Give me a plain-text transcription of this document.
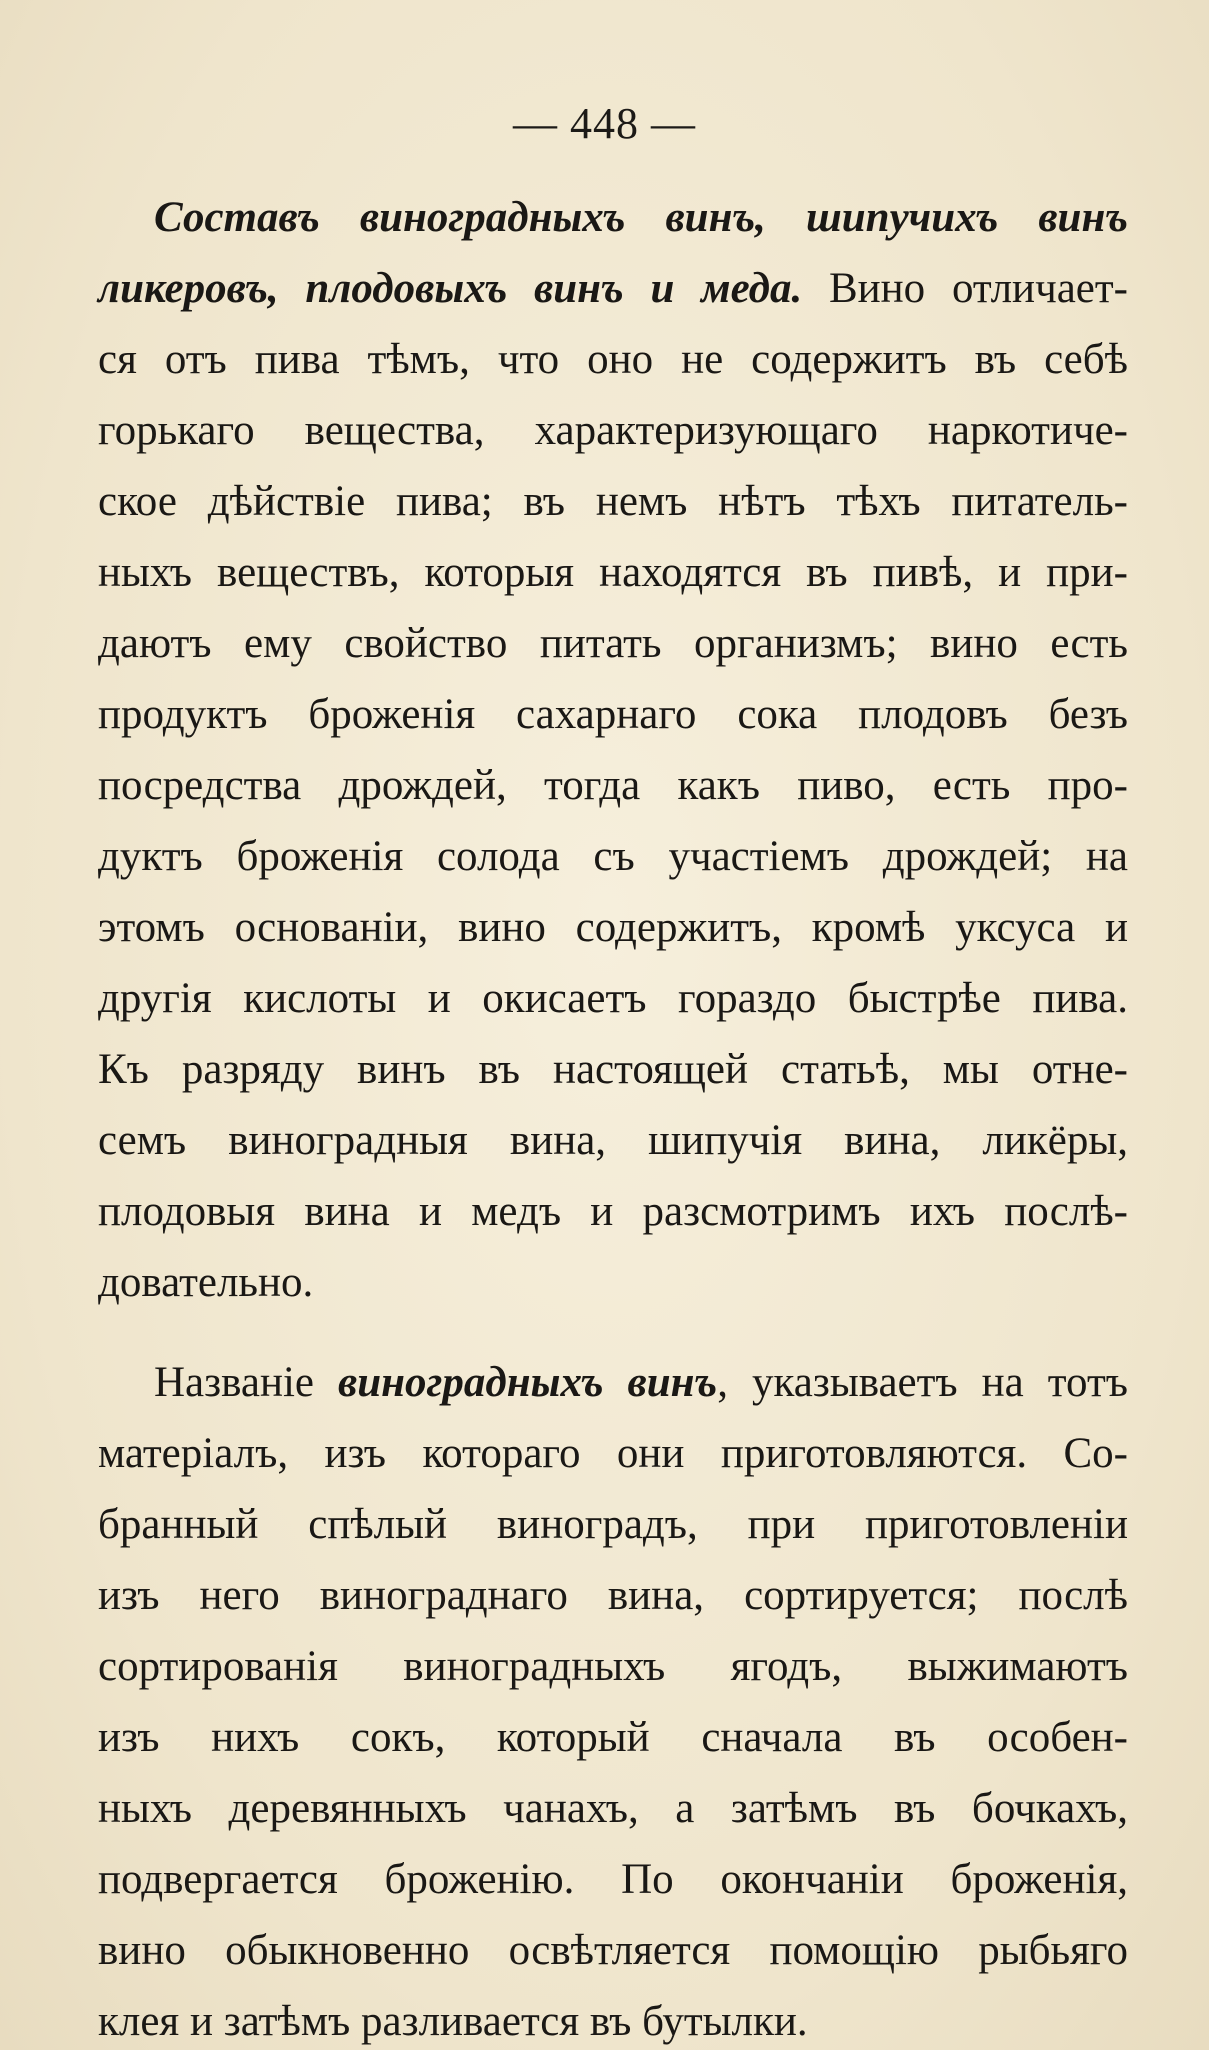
— 448 —
Составъ виноградныхъ винъ, шипучихъ винъ
ликеровъ, плодовыхъ винъ и меда. Вино отличает-
ся отъ пива тѣмъ, что оно не содержитъ въ себѣ
горькаго вещества, характеризующаго наркотиче-
ское дѣйствіе пива; въ немъ нѣтъ тѣхъ питатель-
ныхъ веществъ, которыя находятся въ пивѣ, и при-
даютъ ему свойство питать организмъ; вино есть
продуктъ броженія сахарнаго сока плодовъ безъ
посредства дрождей, тогда какъ пиво, есть про-
дуктъ броженія солода съ участіемъ дрождей; на
этомъ основаніи, вино содержитъ, кромѣ уксуса и
другія кислоты и окисаетъ гораздо быстрѣе пива.
Къ разряду винъ въ настоящей статьѣ, мы отне-
семъ виноградныя вина, шипучія вина, ликёры,
плодовыя вина и медъ и разсмотримъ ихъ послѣ-
довательно.
Названіе виноградныхъ винъ, указываетъ на тотъ
матеріалъ, изъ котораго они приготовляются. Со-
бранный спѣлый виноградъ, при приготовленіи
изъ него винограднаго вина, сортируется; послѣ
сортированія виноградныхъ ягодъ, выжимаютъ
изъ нихъ сокъ, который сначала въ особен-
ныхъ деревянныхъ чанахъ, а затѣмъ въ бочкахъ,
подвергается броженію. По окончаніи броженія,
вино обыкновенно освѣтляется помощію рыбьяго
клея и затѣмъ разливается въ бутылки.
